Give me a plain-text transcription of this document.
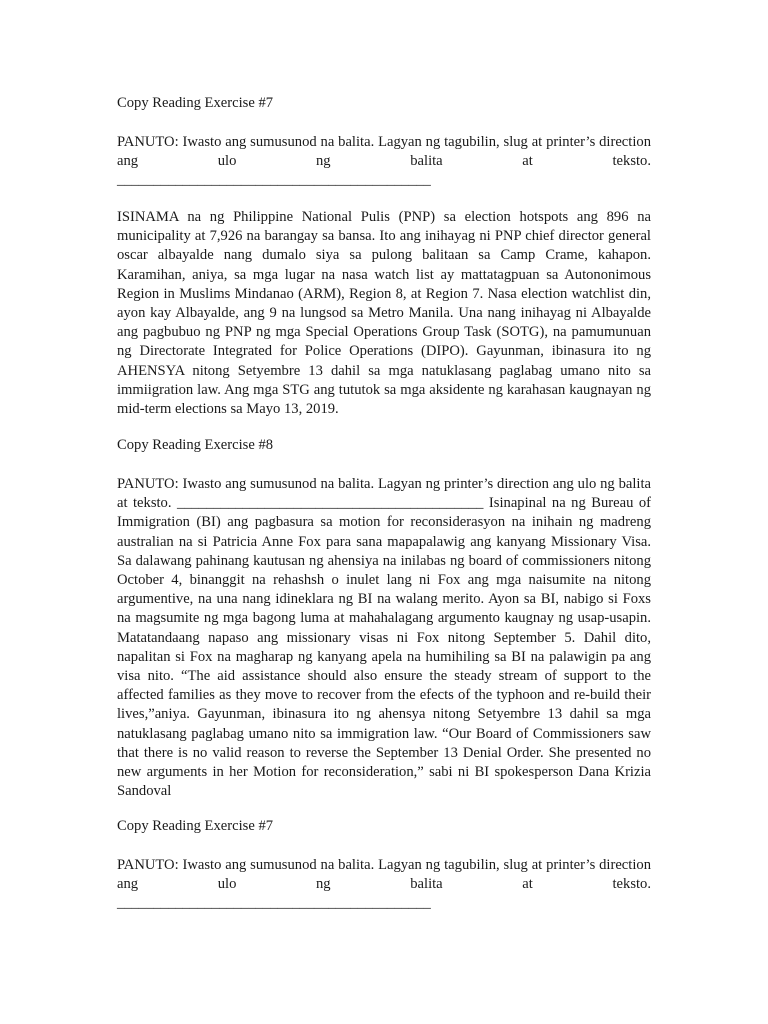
Copy Reading Exercise #7
PANUTO: Iwasto ang sumusunod na balita. Lagyan ng tagubilin, slug at printer’s direction ang ulo ng balita at teksto.
___________________________________________
ISINAMA na ng Philippine National Pulis (PNP) sa election hotspots ang 896 na municipality at 7,926 na barangay sa bansa. Ito ang inihayag ni PNP chief director general oscar albayalde nang dumalo siya sa pulong balitaan sa Camp Crame, kahapon. Karamihan, aniya, sa mga lugar na nasa watch list ay mattatagpuan sa Autononimous Region in Muslims Mindanao (ARM), Region 8, at Region 7. Nasa election watchlist din, ayon kay Albayalde, ang 9 na lungsod sa Metro Manila. Una nang inihayag ni Albayalde ang pagbubuo ng PNP ng mga Special Operations Group Task (SOTG), na pamumunuan ng Directorate Integrated for Police Operations (DIPO). Gayunman, ibinasura ito ng AHENSYA nitong Setyembre 13 dahil sa mga natuklasang paglabag umano nito sa immiigration law. Ang mga STG ang tututok sa mga aksidente ng karahasan kaugnayan ng mid-term elections sa Mayo 13, 2019.
Copy Reading Exercise #8
PANUTO: Iwasto ang sumusunod na balita. Lagyan ng printer’s direction ang ulo ng balita at teksto. __________________________________________ Isinapinal na ng Bureau of Immigration (BI) ang pagbasura sa motion for reconsiderasyon na inihain ng madreng australian na si Patricia Anne Fox para sana mapapalawig ang kanyang Missionary Visa. Sa dalawang pahinang kautusan ng ahensiya na inilabas ng board of commissioners nitong October 4, binanggit na rehashsh o inulet lang ni Fox ang mga naisumite na nitong argumentive, na una nang idineklara ng BI na walang merito. Ayon sa BI, nabigo si Foxs na magsumite ng mga bagong luma at mahahalagang argumento kaugnay ng usap-usapin. Matatandaang napaso ang missionary visas ni Fox nitong September 5. Dahil dito, napalitan si Fox na magharap ng kanyang apela na humihiling sa BI na palawigin pa ang visa nito. “The aid assistance should also ensure the steady stream of support to the affected families as they move to recover from the efects of the typhoon and re-build their lives,”aniya. Gayunman, ibinasura ito ng ahensya nitong Setyembre 13 dahil sa mga natuklasang paglabag umano nito sa immigration law. “Our Board of Commissioners saw that there is no valid reason to reverse the September 13 Denial Order. She presented no new arguments in her Motion for reconsideration,” sabi ni BI spokesperson Dana Krizia Sandoval
Copy Reading Exercise #7
PANUTO: Iwasto ang sumusunod na balita. Lagyan ng tagubilin, slug at printer’s direction ang ulo ng balita at teksto.
___________________________________________
